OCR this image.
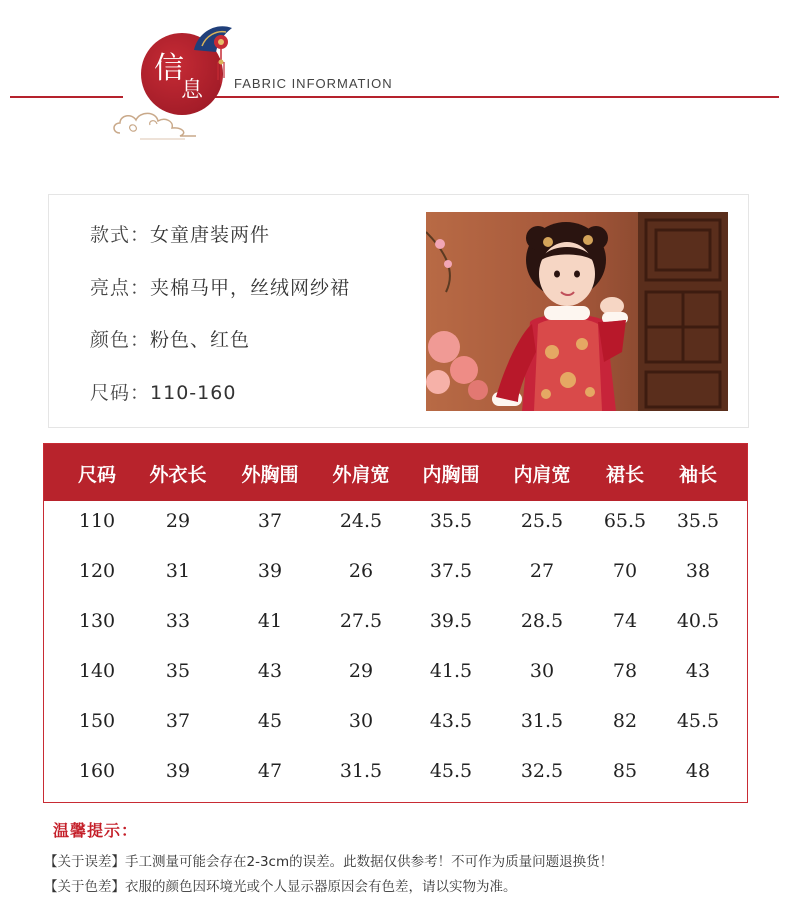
信
息 FABRIC INFORMATION
款式：女童唐装两件
亮点：夹棉马甲，丝绒网纱裙
颜色：粉色、红色
尺码：110-160
尺码 外衣长 外胸围 外肩宽 内胸围 内肩宽 裙长 袖长
110	29	37	24.5	35.5	25.5 65.5 35.5
120	31	39	26	37.5	27	70	38
130	33	41	27.5	39.5	28.5	74 40.5
140	35	43	29	41.5	30	78	43
150	37	45	30	43.5	31.5	82 45.5
160	39	47	31.5	45.5	32.5	85	48
温馨提示：
【关于误差】手工测量可能会存在2-3cm的误差。此数据仅供参考！不可作为质量问题退换货！
【关于色差】衣服的颜色因环境光或个人显示器原因会有色差，请以实物为准。
